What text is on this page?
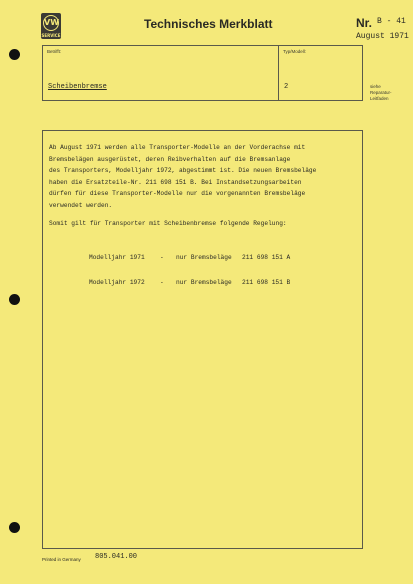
VW
SERVICE
Technisches Merkblatt	Nr. B - 41
August 1971
Betrifft:	Typ/Modell:
Scheibenbremse	2	siehe
Reparatur-
Leitfaden

Ab August 1971 werden alle Transporter-Modelle an der Vorderachse mit
Bremsbelägen ausgerüstet, deren Reibverhalten auf die Bremsanlage
des Transporters, Modelljahr 1972, abgestimmt ist. Die neuen Bremsbeläge
haben die Ersatzteile-Nr. 211 698 151 B. Bei Instandsetzungsarbeiten
dürfen für diese Transporter-Modelle nur die vorgenannten Bremsbeläge
verwendet werden.

Somit gilt für Transporter mit Scheibenbremse folgende Regelung:

Modelljahr 1971 - nur Bremsbeläge 211 698 151 A
Modelljahr 1972 - nur Bremsbeläge 211 698 151 B
Printed in Germany 805.041.00
